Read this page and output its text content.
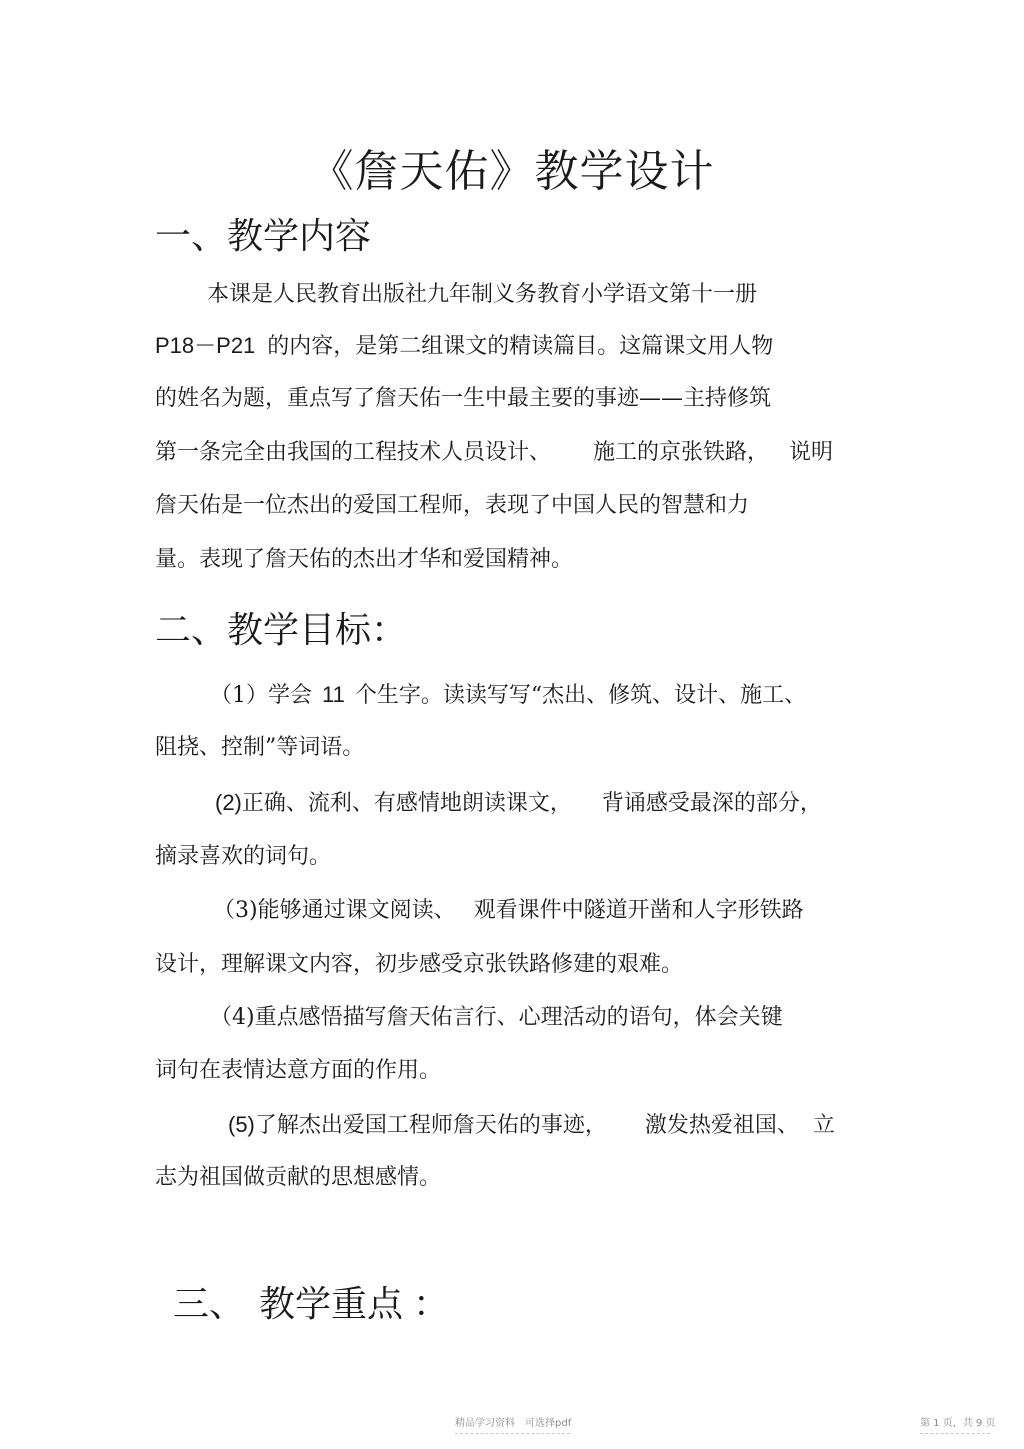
《詹天佑》教学设计
一、教学内容
本课是人民教育出版社九年制义务教育小学语文第十一册
P18－P21 的内容，是第二组课文的精读篇目。这篇课文用人物
的姓名为题，重点写了詹天佑一生中最主要的事迹——主持修筑
第一条完全由我国的工程技术人员设计、 施工的京张铁路， 说明
詹天佑是一位杰出的爱国工程师，表现了中国人民的智慧和力
量。表现了詹天佑的杰出才华和爱国精神。
二、教学目标：
（1）学会 11 个生字。读读写写“杰出、修筑、设计、施工、
阻挠、控制”等词语。
(2)正确、流利、有感情地朗读课文， 背诵感受最深的部分，
摘录喜欢的词句。
（3)能够通过课文阅读、 观看课件中隧道开凿和人字形铁路
设计，理解课文内容，初步感受京张铁路修建的艰难。
（4)重点感悟描写詹天佑言行、心理活动的语句，体会关键
词句在表情达意方面的作用。
(5)了解杰出爱国工程师詹天佑的事迹， 激发热爱祖国、 立
志为祖国做贡献的思想感情。
三、 教学重点 ：
精品学习资料　可选择pdf	第 1 页，共 9 页
